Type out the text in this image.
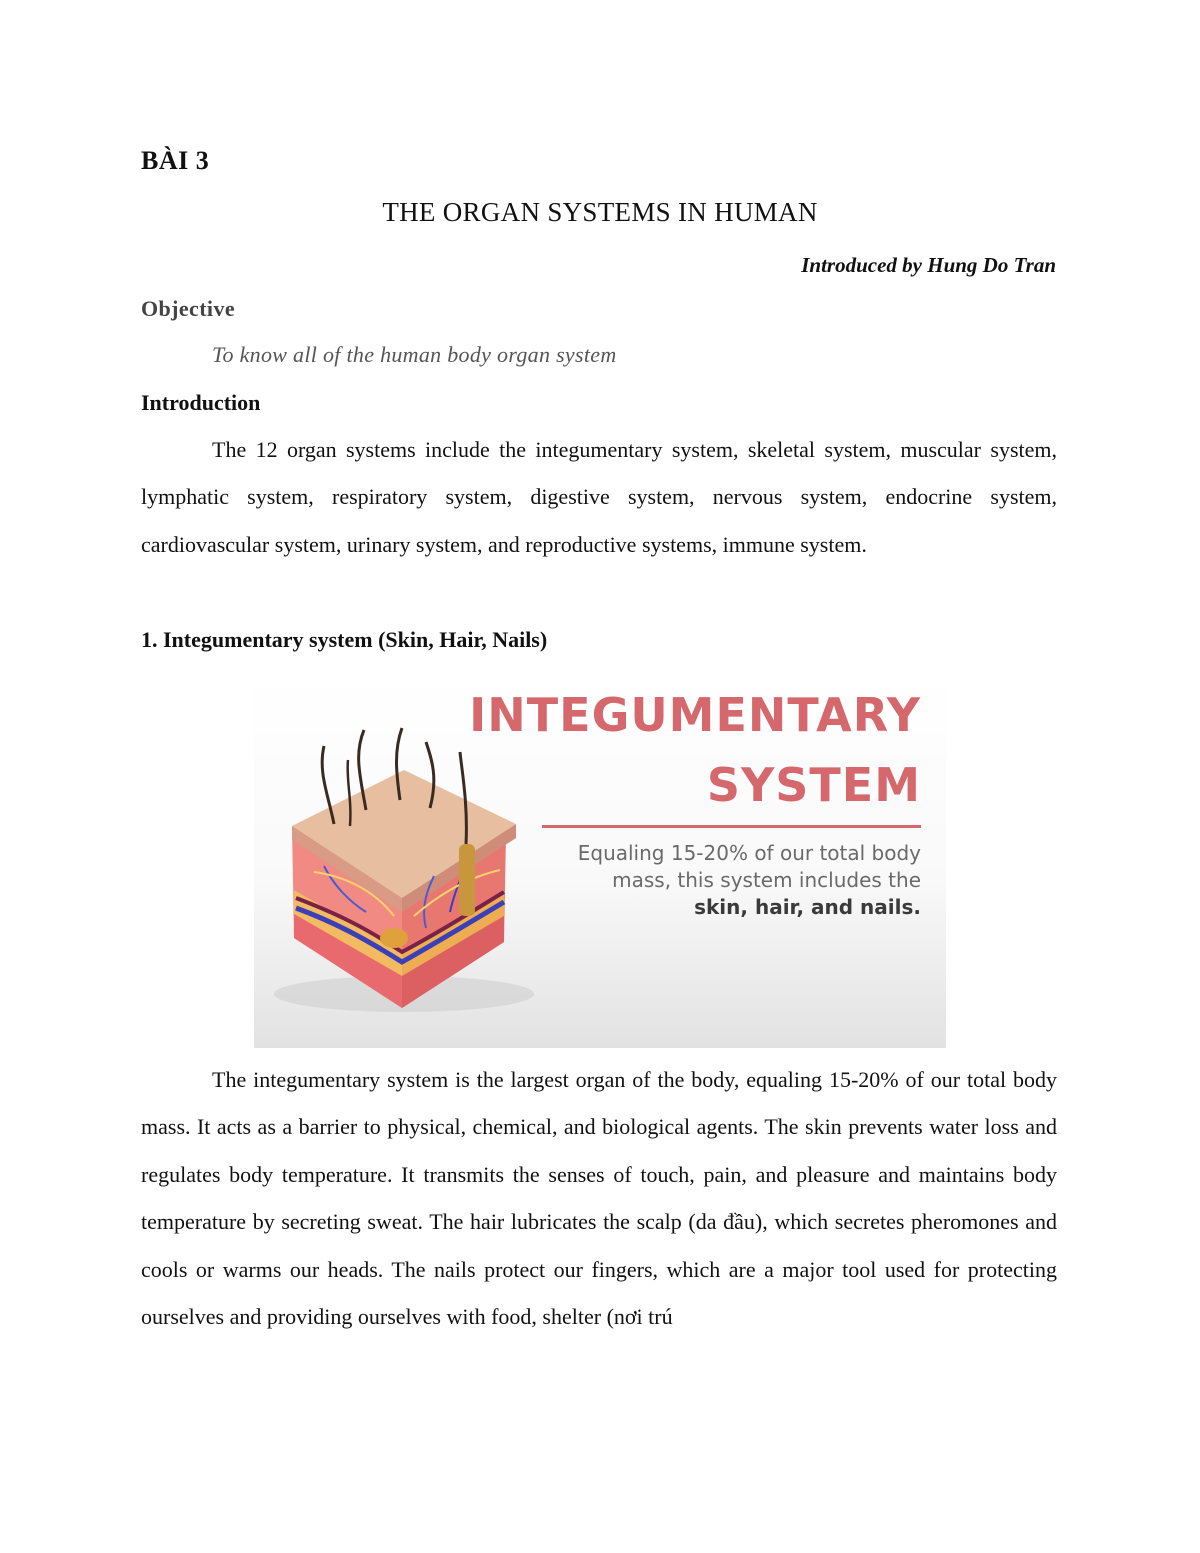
BÀI 3
THE ORGAN SYSTEMS IN HUMAN
Introduced by Hung Do Tran
Objective
To know all of the human body organ system
Introduction

The 12 organ systems include the integumentary system, skeletal system, muscular system, lymphatic system, respiratory system, digestive system, nervous system, endocrine system, cardiovascular system, urinary system, and reproductive systems, immune system.

1. Integumentary system (Skin, Hair, Nails)
INTEGUMENTARY
SYSTEM
Equaling 15-20% of our total body mass, this system includes the
skin, hair, and nails.

The integumentary system is the largest organ of the body, equaling 15-20% of our total body mass. It acts as a barrier to physical, chemical, and biological agents. The skin prevents water loss and regulates body temperature. It transmits the senses of touch, pain, and pleasure and maintains body temperature by secreting sweat. The hair lubricates the scalp (da đầu), which secretes pheromones and cools or warms our heads. The nails protect our fingers, which are a major tool used for protecting ourselves and providing ourselves with food, shelter (nơi trú
